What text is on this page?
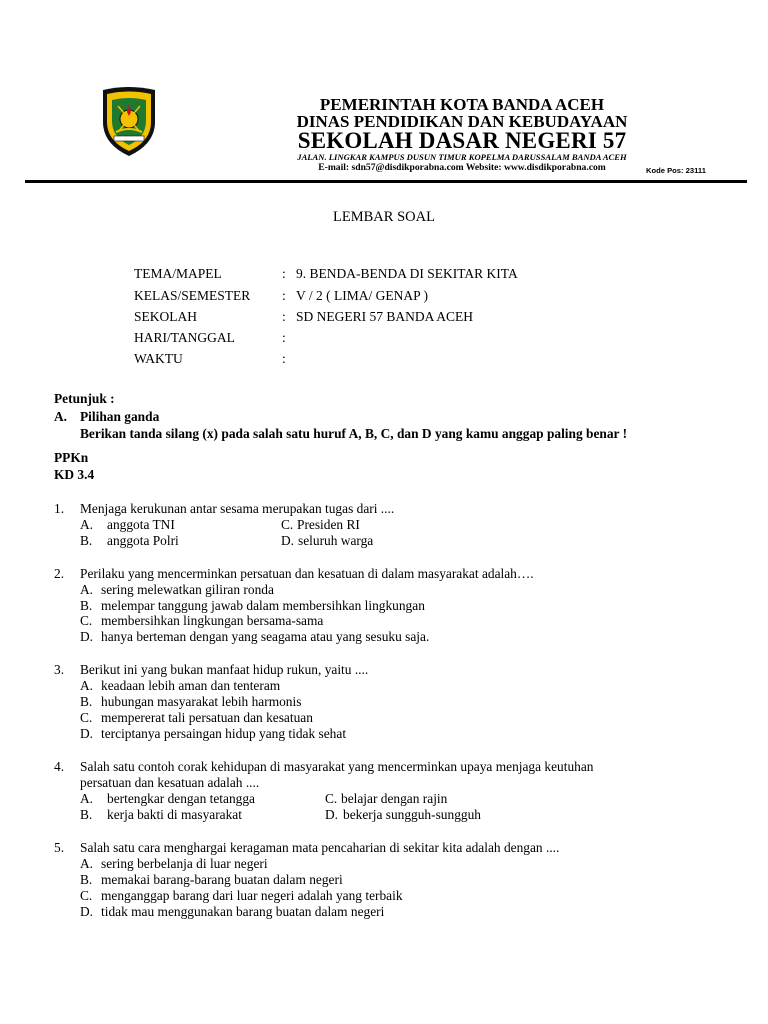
PEMERINTAH KOTA BANDA ACEH
DINAS PENDIDIKAN DAN KEBUDAYAAN
SEKOLAH DASAR NEGERI 57
JALAN. LINGKAR KAMPUS DUSUN TIMUR KOPELMA DARUSSALAM BANDA ACEH
E-mail: sdn57@disdikporabna.com Website: www.disdikporabna.com	Kode Pos: 23111
LEMBAR SOAL
TEMA/MAPEL	: 9. BENDA-BENDA DI SEKITAR KITA
KELAS/SEMESTER	: V / 2 ( LIMA/ GENAP )
SEKOLAH	: SD NEGERI 57 BANDA ACEH
HARI/TANGGAL	:
WAKTU	:
Petunjuk :
A. Pilihan ganda
Berikan tanda silang (x) pada salah satu huruf A, B, C, dan D yang kamu anggap paling benar !
PPKn
KD 3.4
1. Menjaga kerukunan antar sesama merupakan tugas dari ....
A. anggota TNI
B. anggota Polri
C. Presiden RI
D. seluruh warga
2. Perilaku yang mencerminkan persatuan dan kesatuan di dalam masyarakat adalah….
A. sering melewatkan giliran ronda
B. melempar tanggung jawab dalam membersihkan lingkungan
C. membersihkan lingkungan bersama-sama
D. hanya berteman dengan yang seagama atau yang sesuku saja.
3. Berikut ini yang bukan manfaat hidup rukun, yaitu ....
A. keadaan lebih aman dan tenteram
B. hubungan masyarakat lebih harmonis
C. mempererat tali persatuan dan kesatuan
D. terciptanya persaingan hidup yang tidak sehat
4. Salah satu contoh corak kehidupan di masyarakat yang mencerminkan upaya menjaga keutuhan
persatuan dan kesatuan adalah ....
A. bertengkar dengan tetangga
B. kerja bakti di masyarakat
C. belajar dengan rajin
D. bekerja sungguh-sungguh
5. Salah satu cara menghargai keragaman mata pencaharian di sekitar kita adalah dengan ....
A. sering berbelanja di luar negeri
B. memakai barang-barang buatan dalam negeri
C. menganggap barang dari luar negeri adalah yang terbaik
D. tidak mau menggunakan barang buatan dalam negeri
